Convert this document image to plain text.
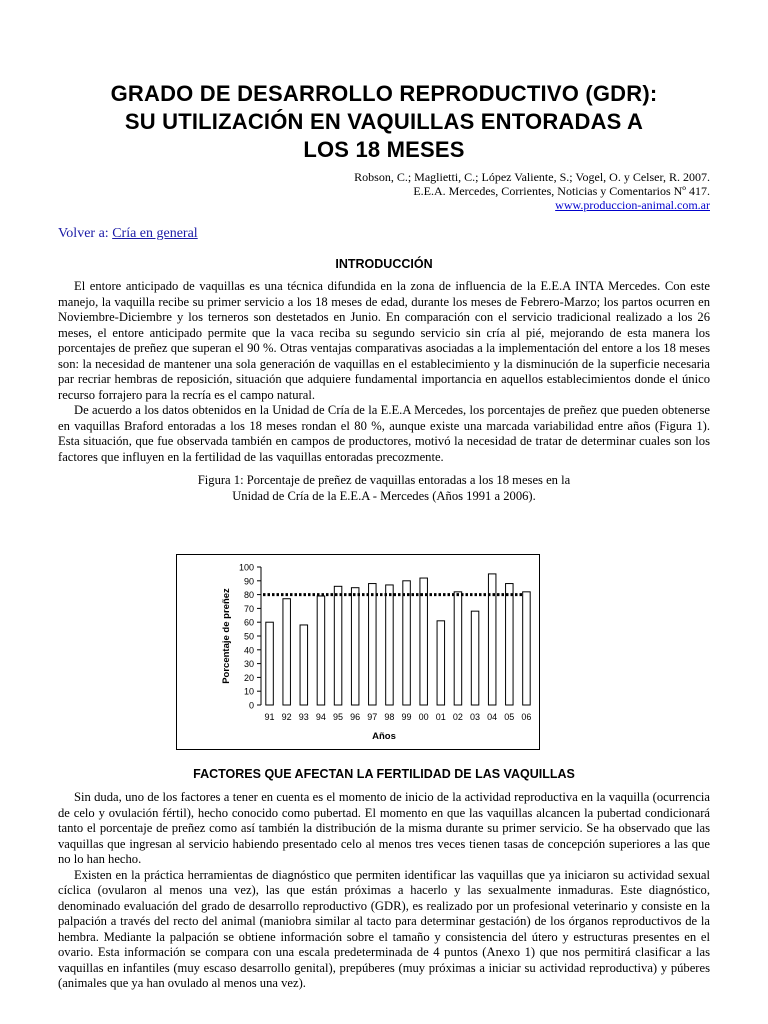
GRADO DE DESARROLLO REPRODUCTIVO (GDR):
SU UTILIZACIÓN EN VAQUILLAS ENTORADAS A
LOS 18 MESES
Robson, C.; Maglietti, C.; López Valiente, S.; Vogel, O. y Celser, R. 2007.
E.E.A. Mercedes, Corrientes, Noticias y Comentarios Nº 417.
www.produccion-animal.com.ar
Volver a: Cría en general
INTRODUCCIÓN

El entore anticipado de vaquillas es una técnica difundida en la zona de influencia de la E.E.A INTA Mercedes. Con este manejo, la vaquilla recibe su primer servicio a los 18 meses de edad, durante los meses de Febrero-Marzo; los partos ocurren en Noviembre-Diciembre y los terneros son destetados en Junio. En comparación con el servicio tradicional realizado a los 26 meses, el entore anticipado permite que la vaca reciba su segundo servicio sin cría al pié, mejorando de esta manera los porcentajes de preñez que superan el 90 %. Otras ventajas comparativas asociadas a la implementación del entore a los 18 meses son: la necesidad de mantener una sola generación de vaquillas en el establecimiento y la disminución de la superficie necesaria par recriar hembras de reposición, situación que adquiere fundamental importancia en aquellos establecimientos donde el único recurso forrajero para la recría es el campo natural.

De acuerdo a los datos obtenidos en la Unidad de Cría de la E.E.A Mercedes, los porcentajes de preñez que pueden obtenerse en vaquillas Braford entoradas a los 18 meses rondan el 80 %, aunque existe una marcada variabilidad entre años (Figura 1). Esta situación, que fue observada también en campos de productores, motivó la necesidad de tratar de determinar cuales son los factores que influyen en la fertilidad de las vaquillas entoradas precozmente.

Figura 1: Porcentaje de preñez de vaquillas entoradas a los 18 meses en la
Unidad de Cría de la E.E.A - Mercedes (Años 1991 a 2006).
FACTORES QUE AFECTAN LA FERTILIDAD DE LAS VAQUILLAS

Sin duda, uno de los factores a tener en cuenta es el momento de inicio de la actividad reproductiva en la vaquilla (ocurrencia de celo y ovulación fértil), hecho conocido como pubertad. El momento en que las vaquillas alcancen la pubertad condicionará tanto el porcentaje de preñez como así también la distribución de la misma durante su primer servicio. Se ha observado que las vaquillas que ingresan al servicio habiendo presentado celo al menos tres veces tienen tasas de concepción superiores a las que no lo han hecho.

Existen en la práctica herramientas de diagnóstico que permiten identificar las vaquillas que ya iniciaron su actividad sexual cíclica (ovularon al menos una vez), las que están próximas a hacerlo y las sexualmente inmaduras. Este diagnóstico, denominado evaluación del grado de desarrollo reproductivo (GDR), es realizado por un profesional veterinario y consiste en la palpación a través del recto del animal (maniobra similar al tacto para determinar gestación) de los órganos reproductivos de la hembra. Mediante la palpación se obtiene información sobre el tamaño y consistencia del útero y estructuras presentes en el ovario. Esta información se compara con una escala predeterminada de 4 puntos (Anexo 1) que nos permitirá clasificar a las vaquillas en infantiles (muy escaso desarrollo genital), prepúberes (muy próximas a iniciar su actividad reproductiva) y púberes (animales que ya han ovulado al menos una vez).

0
10
20
30
40
50
60
70
80
90
100
91 92 93 94 95 96 97 98 99 00 01 02 03 04 05 06
Años
Porcentaje de preñez
